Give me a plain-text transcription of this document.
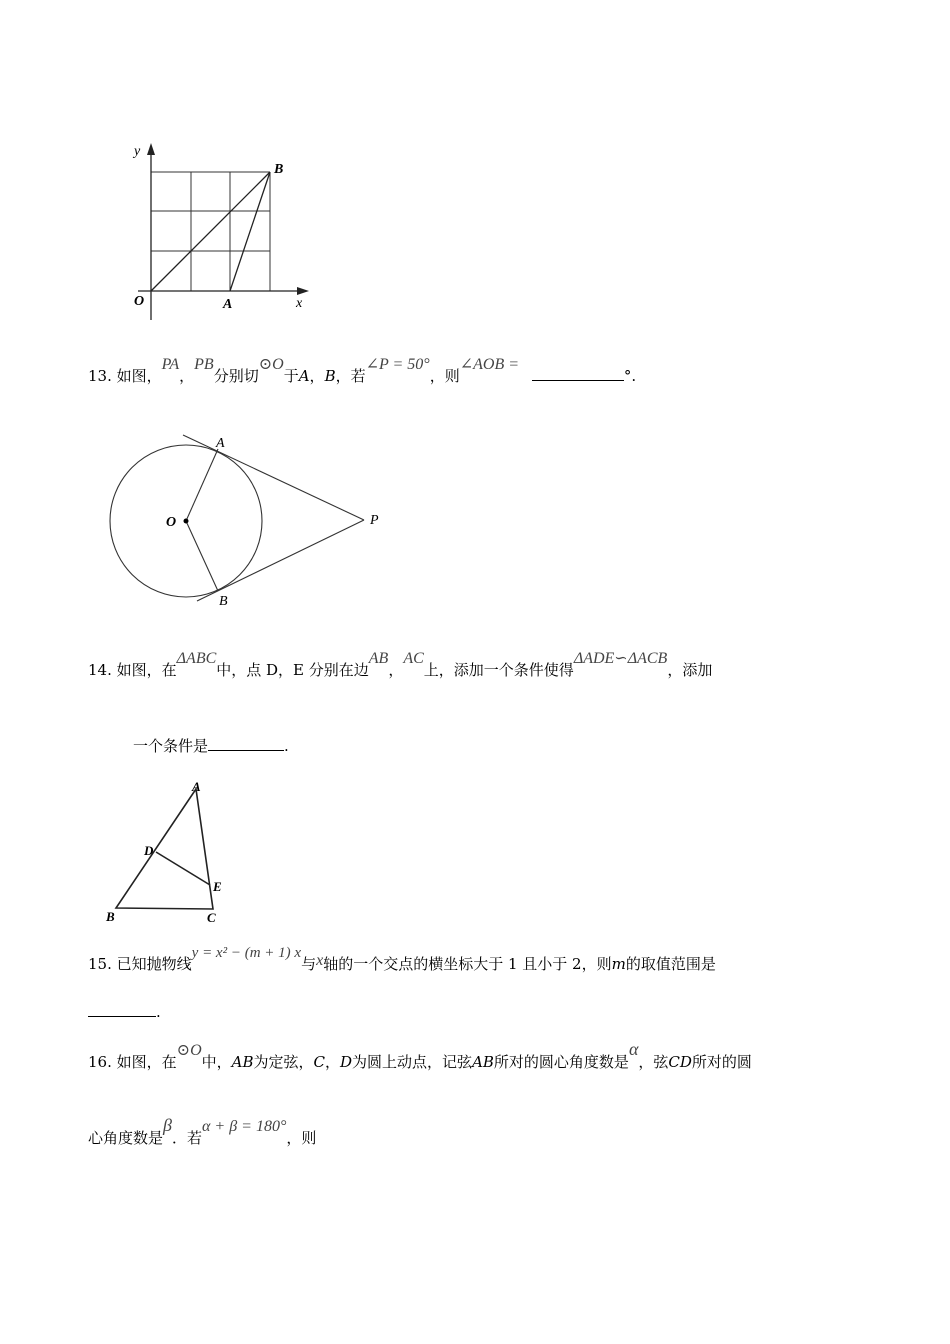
y
x
O	A
B
13. 如图，PA，PB分别切⊙O于A，B，若∠P = 50°，则∠AOB = °.
A
B
O	P
14. 如图，在ΔABC中，点 D，E 分别在边AB，AC上，添加一个条件使得ΔADE∽ΔACB，添加
一个条件是	.
A
B	C
D
E
15. 已知抛物线y = x² − (m + 1) x与x轴的一个交点的横坐标大于 1 且小于 2，则m的取值范围是
.
16. 如图，在⊙O中，AB为定弦，C，D为圆上动点，记弦AB所对的圆心角度数是α，弦CD所对的圆
心角度数是β．若α + β = 180°，则
